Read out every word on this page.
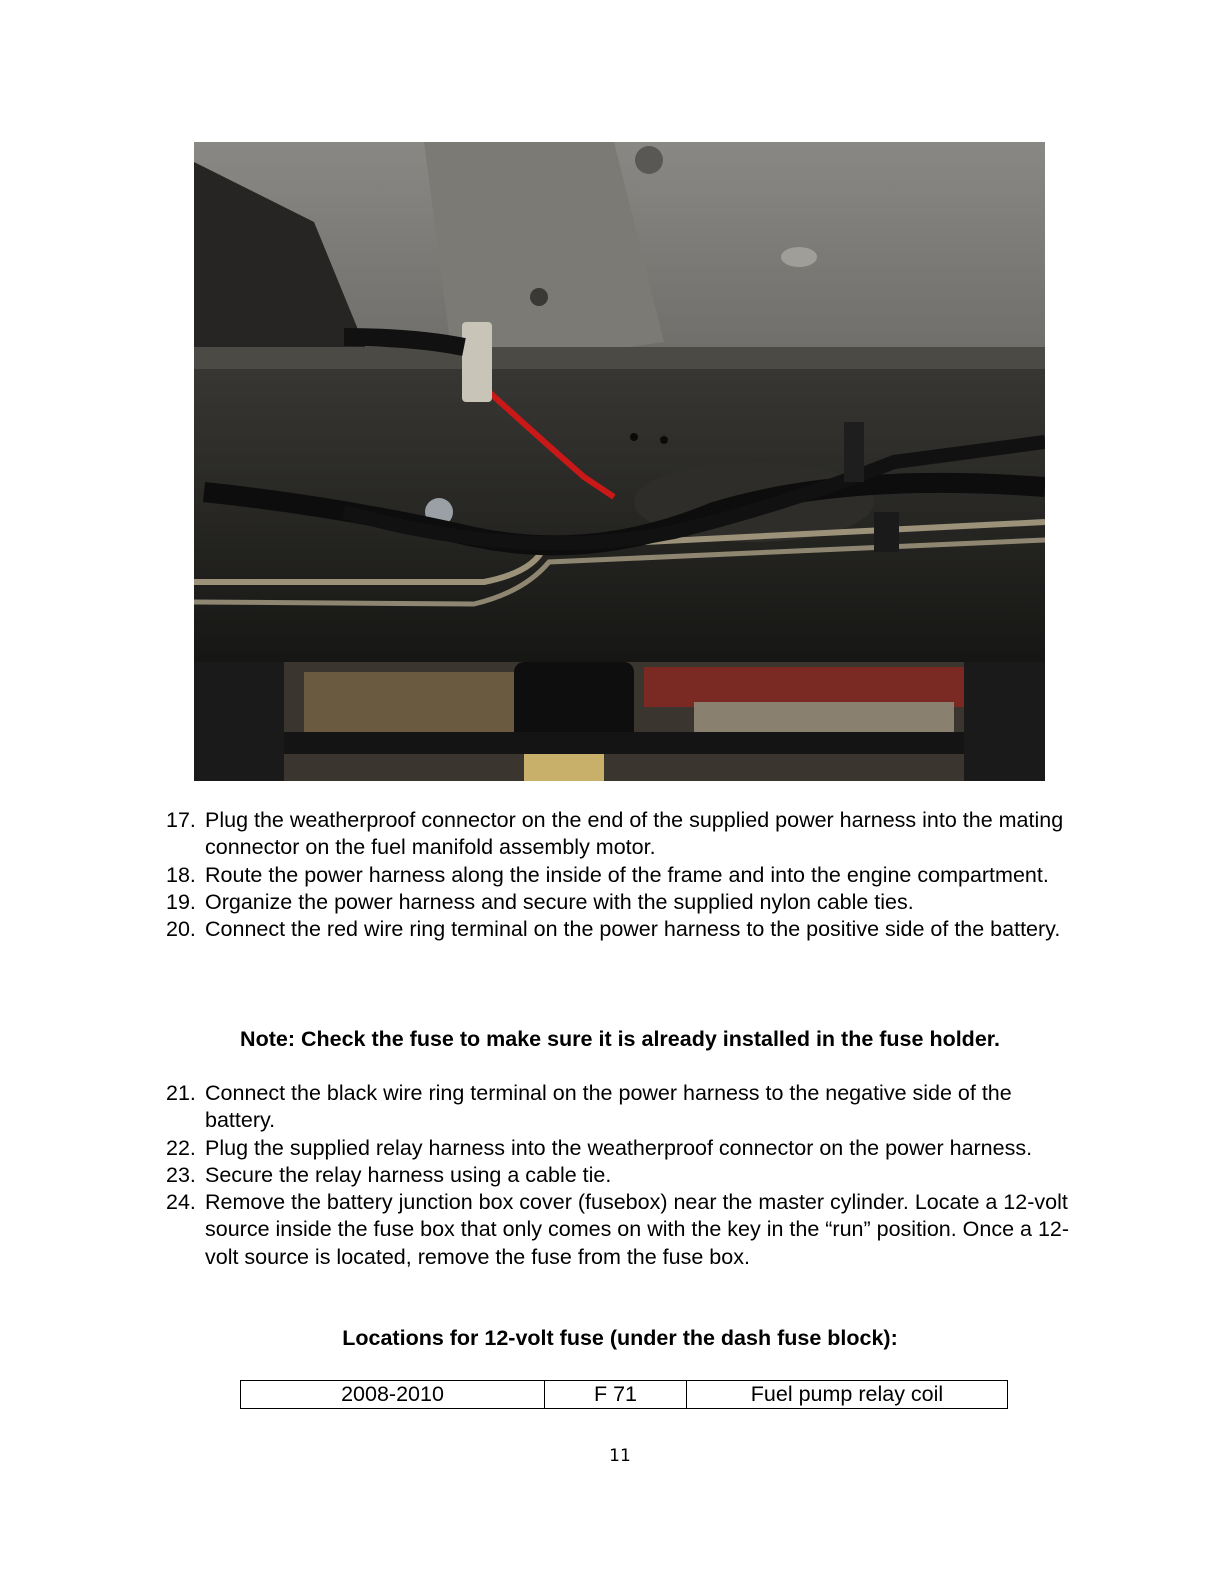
17. Plug the weatherproof connector on the end of the supplied power harness into the mating connector on the fuel manifold assembly motor.
18. Route the power harness along the inside of the frame and into the engine compartment.
19. Organize the power harness and secure with the supplied nylon cable ties.
20. Connect the red wire ring terminal on the power harness to the positive side of the battery.
Note: Check the fuse to make sure it is already installed in the fuse holder.
21. Connect the black wire ring terminal on the power harness to the negative side of the battery.
22. Plug the supplied relay harness into the weatherproof connector on the power harness.
23. Secure the relay harness using a cable tie.
24. Remove the battery junction box cover (fusebox) near the master cylinder. Locate a 12-volt source inside the fuse box that only comes on with the key in the “run” position. Once a 12-volt source is located, remove the fuse from the fuse box.
Locations for 12-volt fuse (under the dash fuse block):
2008-2010	F 71	Fuel pump relay coil
11
